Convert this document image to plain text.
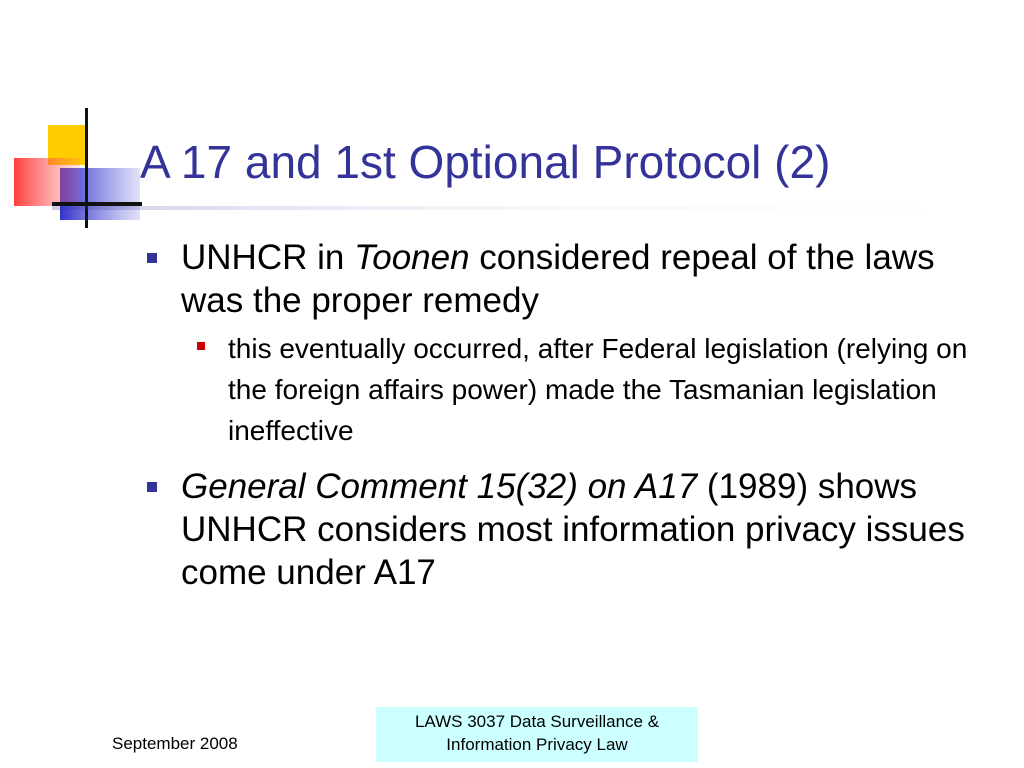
A 17 and 1st Optional Protocol (2)
UNHCR in Toonen considered repeal of the laws was the proper remedy
this eventually occurred, after Federal legislation (relying on the foreign affairs power) made the Tasmanian legislation ineffective
General Comment 15(32) on A17 (1989) shows UNHCR considers most information privacy issues come under A17
September 2008
LAWS 3037 Data Surveillance &
Information Privacy Law
